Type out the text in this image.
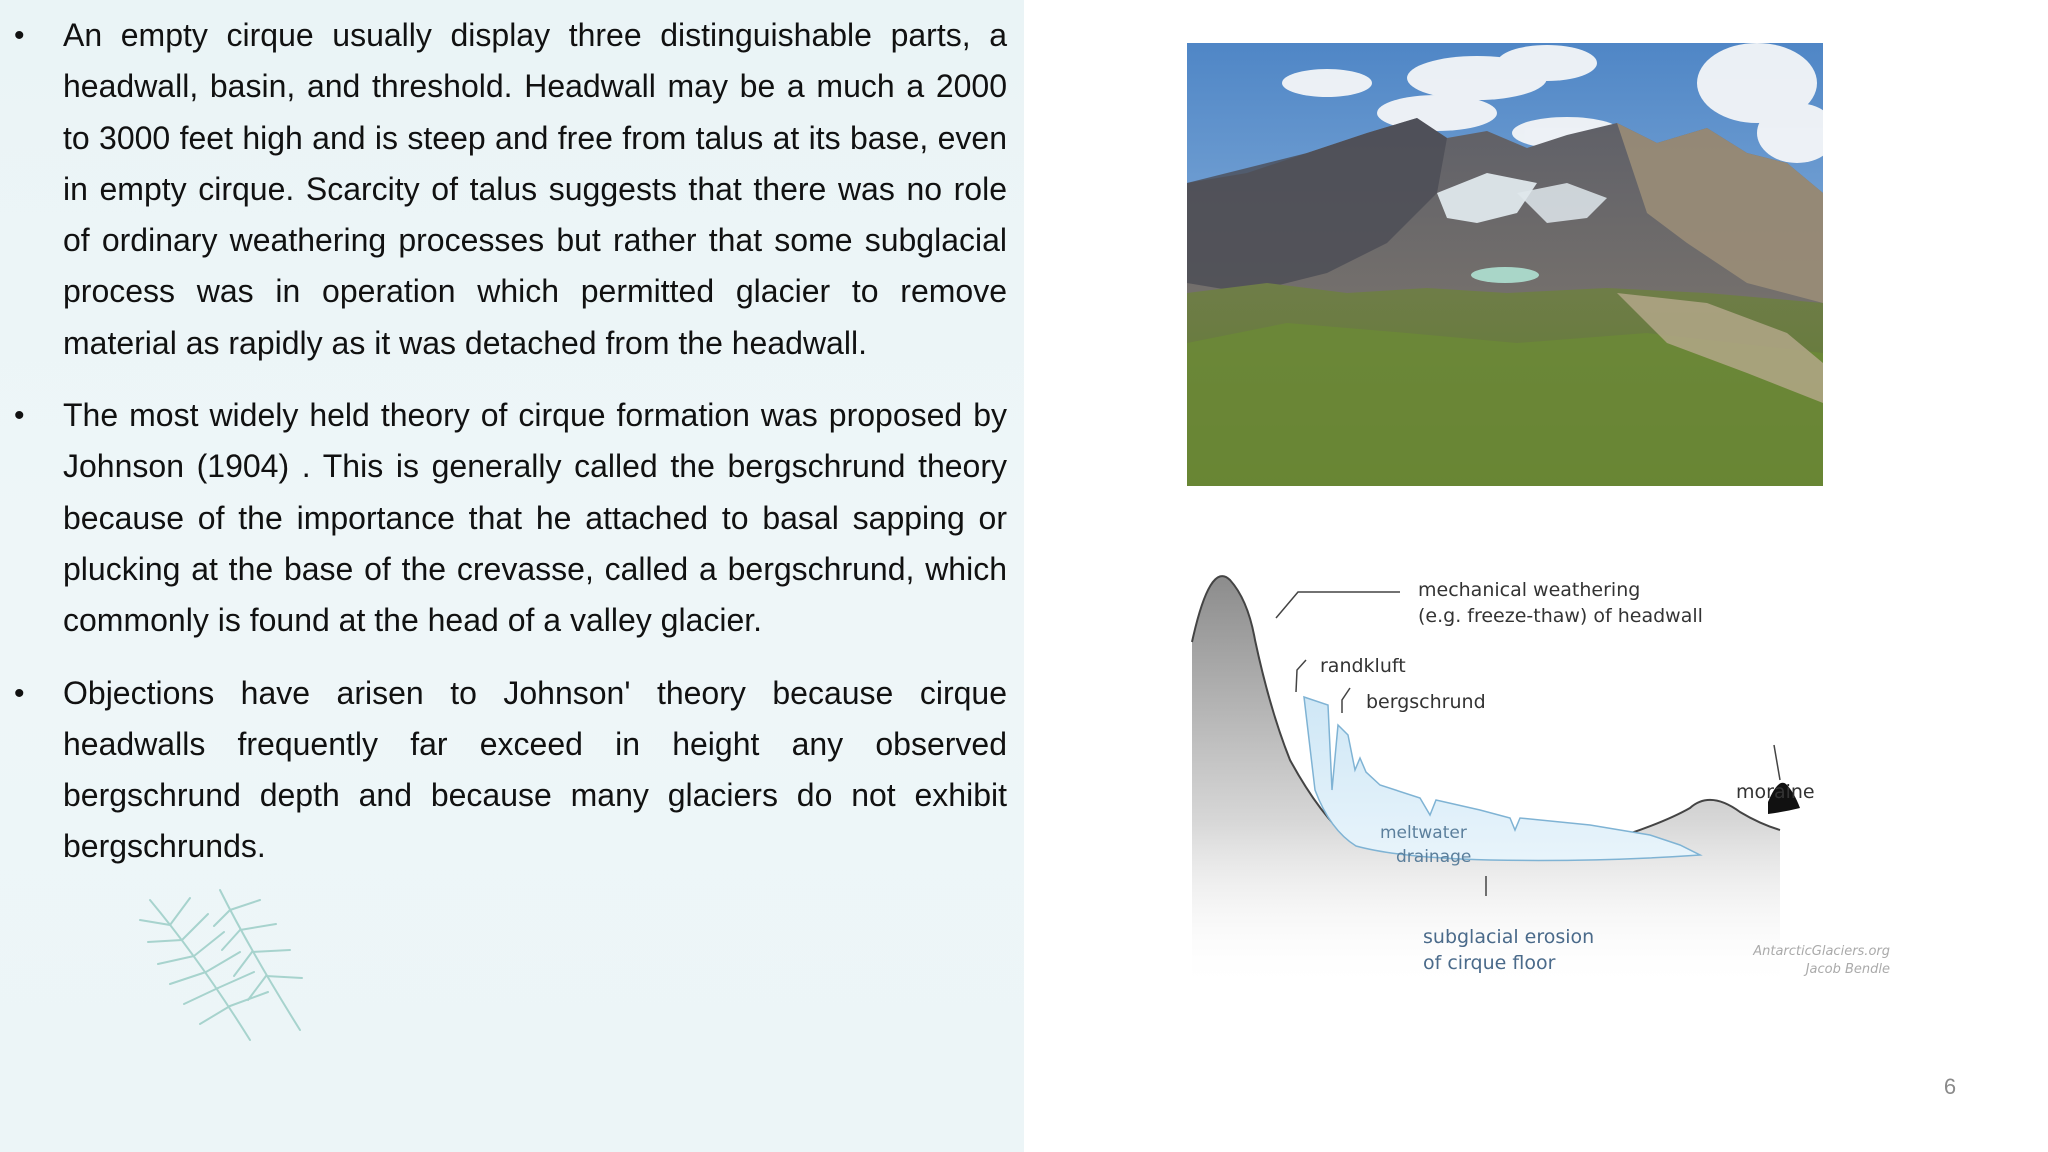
• An empty cirque usually display three distinguishable parts, a headwall, basin, and threshold. Headwall may be a much a 2000 to 3000 feet high and is steep and free from talus at its base, even in empty cirque. Scarcity of talus suggests that there was no role of ordinary weathering processes but rather that some subglacial process was in operation which permitted glacier to remove material as rapidly as it was detached from the headwall.
• The most widely held theory of cirque formation was proposed by Johnson (1904) . This is generally called the bergschrund theory because of the importance that he attached to basal sapping or plucking at the base of the crevasse, called a bergschrund, which commonly is found at the head of a valley glacier.
• Objections have arisen to Johnson' theory because cirque headwalls frequently far exceed in height any observed bergschrund depth and because many glaciers do not exhibit bergschrunds.
mechanical weathering
(e.g. freeze-thaw) of headwall
randkluft
bergschrund
moraine
meltwater
drainage
subglacial erosion
of cirque floor
AntarcticGlaciers.org
Jacob Bendle
6
